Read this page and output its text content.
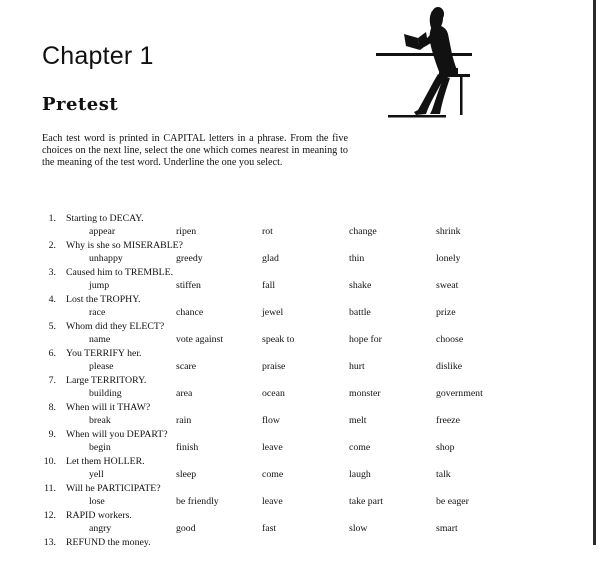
Chapter 1
Pretest

Each test word is printed in CAPITAL letters in a phrase. From the five choices on the next line, select the one which comes nearest in meaning to the meaning of the test word. Underline the one you select.

1. Starting to DECAY.
appear	ripen	rot	change	shrink
2. Why is she so MISERABLE?
unhappy	greedy	glad	thin	lonely
3. Caused him to TREMBLE.
jump	stiffen	fall	shake	sweat
4. Lost the TROPHY.
race	chance	jewel	battle	prize
5. Whom did they ELECT?
name	vote against	speak to	hope for	choose
6. You TERRIFY her.
please	scare	praise	hurt	dislike
7. Large TERRITORY.
building	area	ocean	monster	government
8. When will it THAW?
break	rain	flow	melt	freeze
9. When will you DEPART?
begin	finish	leave	come	shop
10. Let them HOLLER.
yell	sleep	come	laugh	talk
11. Will he PARTICIPATE?
lose	be friendly	leave	take part	be eager
12. RAPID workers.
angry	good	fast	slow	smart
13. REFUND the money.
